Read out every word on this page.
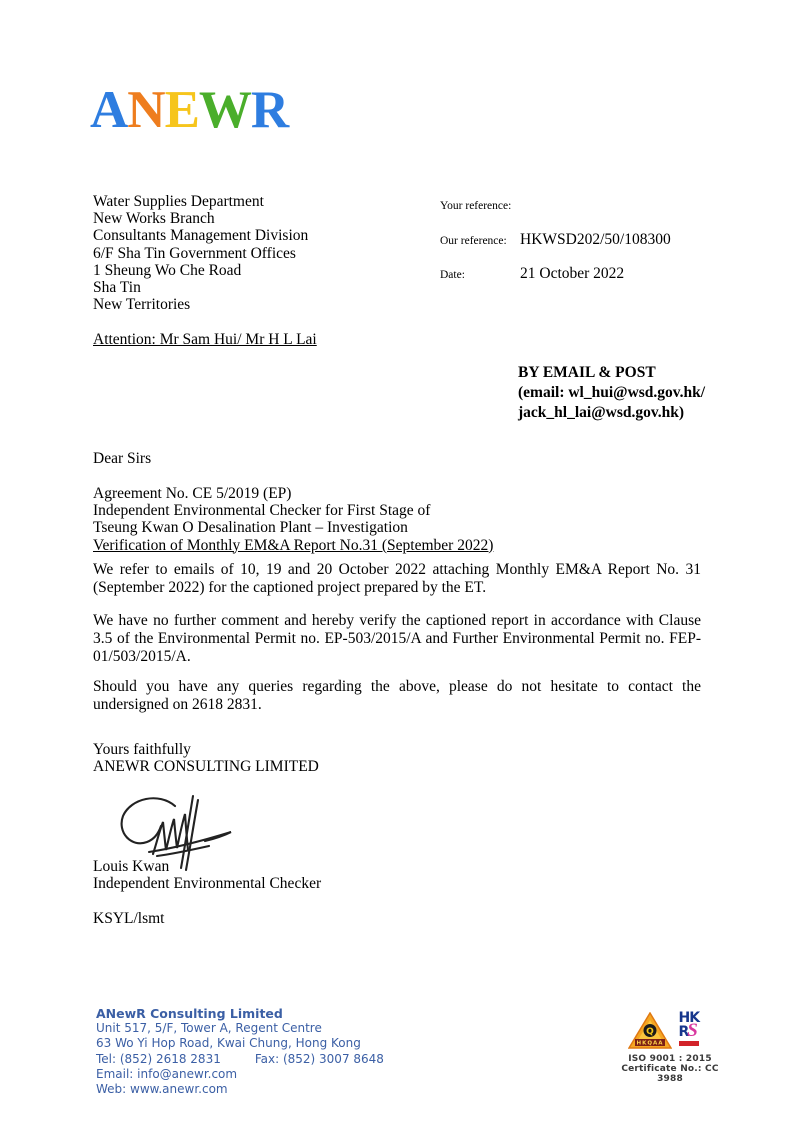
ANEWR
Water Supplies Department
New Works Branch
Consultants Management Division
6/F Sha Tin Government Offices
1 Sheung Wo Che Road
Sha Tin
New Territories
Attention: Mr Sam Hui/ Mr H L Lai
Your reference:
Our reference: HKWSD202/50/108300
Date:	21 October 2022
BY EMAIL & POST
(email: wl_hui@wsd.gov.hk/
jack_hl_lai@wsd.gov.hk)
Dear Sirs
Agreement No. CE 5/2019 (EP)
Independent Environmental Checker for First Stage of
Tseung Kwan O Desalination Plant – Investigation
Verification of Monthly EM&A Report No.31 (September 2022)

We refer to emails of 10, 19 and 20 October 2022 attaching Monthly EM&A Report No. 31 (September 2022) for the captioned project prepared by the ET.

We have no further comment and hereby verify the captioned report in accordance with Clause 3.5 of the Environmental Permit no. EP-503/2015/A and Further Environmental Permit no. FEP-01/503/2015/A.

Should you have any queries regarding the above, please do not hesitate to contact the undersigned on 2618 2831.

Yours faithfully
ANEWR CONSULTING LIMITED
Louis Kwan
Independent Environmental Checker
KSYL/lsmt
ANewR Consulting Limited
Unit 517, 5/F, Tower A, Regent Centre
63 Wo Yi Hop Road, Kwai Chung, Hong Kong
Tel: (852) 2618 2831	Fax: (852) 3007 8648
Email: info@anewr.com
Web: www.anewr.com
Q
HKQAA
HK
RS
ISO 9001 : 2015
Certificate No.: CC 3988
